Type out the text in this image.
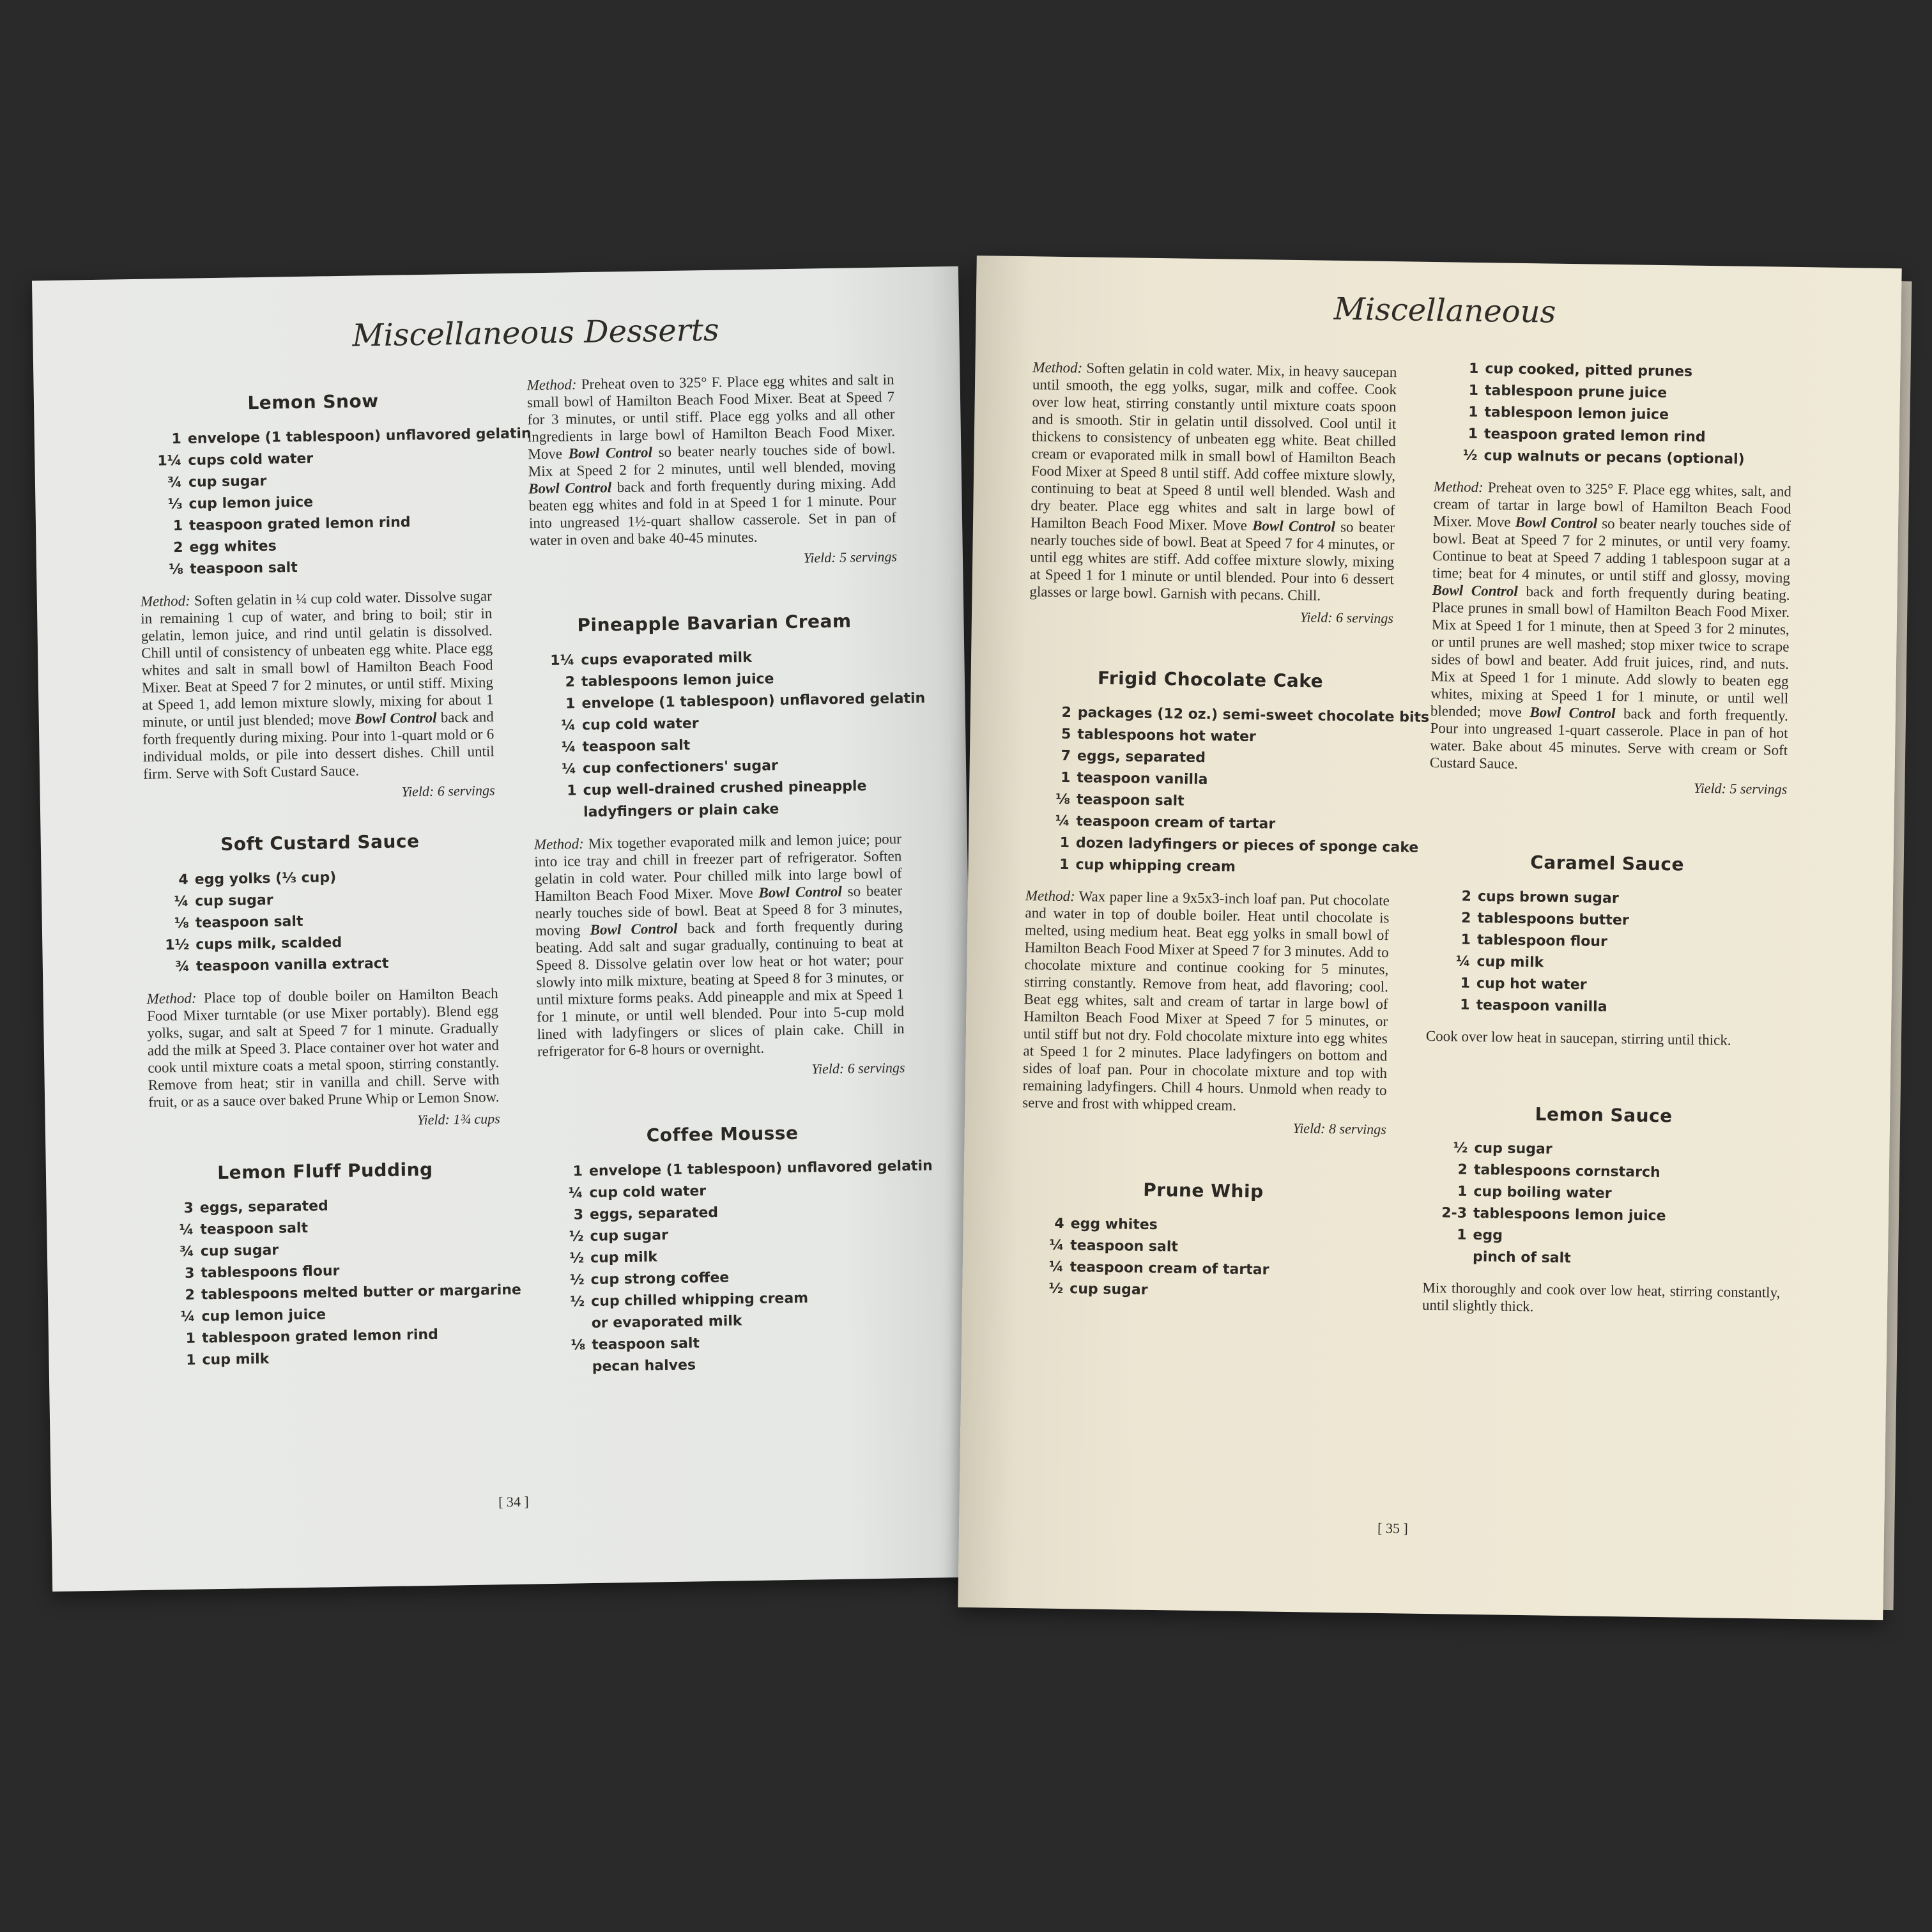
Miscellaneous Desserts
Lemon Snow
1 envelope (1 tablespoon) unflavored gelatin
1¼ cups cold water
¾ cup sugar
⅓ cup lemon juice
1 teaspoon grated lemon rind
2 egg whites
⅛ teaspoon salt

Method: Soften gelatin in ¼ cup cold water. Dissolve sugar in remaining 1 cup of water, and bring to boil; stir in gelatin, lemon juice, and rind until gelatin is dissolved. Chill until of consistency of unbeaten egg white. Place egg whites and salt in small bowl of Hamilton Beach Food Mixer. Beat at Speed 7 for 2 minutes, or until stiff. Mixing at Speed 1, add lemon mixture slowly, mixing for about 1 minute, or until just blended; move Bowl Control back and forth frequently during mixing. Pour into 1-quart mold or 6 individual molds, or pile into dessert dishes. Chill until firm. Serve with Soft Custard Sauce.

Yield: 6 servings

Soft Custard Sauce
4 egg yolks (⅓ cup)
¼ cup sugar
⅛ teaspoon salt
1½ cups milk, scalded
¾ teaspoon vanilla extract

Method: Place top of double boiler on Hamilton Beach Food Mixer turntable (or use Mixer portably). Blend egg yolks, sugar, and salt at Speed 7 for 1 minute. Gradually add the milk at Speed 3. Place container over hot water and cook until mixture coats a metal spoon, stirring constantly. Remove from heat; stir in vanilla and chill. Serve with fruit, or as a sauce over baked Prune Whip or Lemon Snow.

Yield: 1¾ cups

Lemon Fluff Pudding
3 eggs, separated
¼ teaspoon salt
¾ cup sugar
3 tablespoons flour
2 tablespoons melted butter or margarine
¼ cup lemon juice
1 tablespoon grated lemon rind
1 cup milk

Method: Preheat oven to 325° F. Place egg whites and salt in small bowl of Hamilton Beach Food Mixer. Beat at Speed 7 for 3 minutes, or until stiff. Place egg yolks and all other ingredients in large bowl of Hamilton Beach Food Mixer. Move Bowl Control so beater nearly touches side of bowl. Mix at Speed 2 for 2 minutes, until well blended, moving Bowl Control back and forth frequently during mixing. Add beaten egg whites and fold in at Speed 1 for 1 minute. Pour into ungreased 1½-quart shallow casserole. Set in pan of water in oven and bake 40-45 minutes.

Yield: 5 servings

Pineapple Bavarian Cream
1¼ cups evaporated milk
2 tablespoons lemon juice
1 envelope (1 tablespoon) unflavored gelatin
¼ cup cold water
¼ teaspoon salt
¼ cup confectioners' sugar
1 cup well-drained crushed pineapple
ladyfingers or plain cake

Method: Mix together evaporated milk and lemon juice; pour into ice tray and chill in freezer part of refrigerator. Soften gelatin in cold water. Pour chilled milk into large bowl of Hamilton Beach Food Mixer. Move Bowl Control so beater nearly touches side of bowl. Beat at Speed 8 for 3 minutes, moving Bowl Control back and forth frequently during beating. Add salt and sugar gradually, continuing to beat at Speed 8. Dissolve gelatin over low heat or hot water; pour slowly into milk mixture, beating at Speed 8 for 3 minutes, or until mixture forms peaks. Add pineapple and mix at Speed 1 for 1 minute, or until well blended. Pour into 5-cup mold lined with ladyfingers or slices of plain cake. Chill in refrigerator for 6-8 hours or overnight.

Yield: 6 servings

Coffee Mousse
1 envelope (1 tablespoon) unflavored gelatin
¼ cup cold water
3 eggs, separated
½ cup sugar
½ cup milk
½ cup strong coffee
½ cup chilled whipping cream
or evaporated milk
⅛ teaspoon salt
pecan halves
[ 34 ]
Miscellaneous

Method: Soften gelatin in cold water. Mix, in heavy saucepan until smooth, the egg yolks, sugar, milk and coffee. Cook over low heat, stirring constantly until mixture coats spoon and is smooth. Stir in gelatin until dissolved. Cool until it thickens to consistency of unbeaten egg white. Beat chilled cream or evaporated milk in small bowl of Hamilton Beach Food Mixer at Speed 8 until stiff. Add coffee mixture slowly, continuing to beat at Speed 8 until well blended. Wash and dry beater. Place egg whites and salt in large bowl of Hamilton Beach Food Mixer. Move Bowl Control so beater nearly touches side of bowl. Beat at Speed 7 for 4 minutes, or until egg whites are stiff. Add coffee mixture slowly, mixing at Speed 1 for 1 minute or until blended. Pour into 6 dessert glasses or large bowl. Garnish with pecans. Chill.

Yield: 6 servings

Frigid Chocolate Cake
2 packages (12 oz.) semi-sweet chocolate bits
5 tablespoons hot water
7 eggs, separated
1 teaspoon vanilla
⅛ teaspoon salt
¼ teaspoon cream of tartar
1 dozen ladyfingers or pieces of sponge cake
1 cup whipping cream

Method: Wax paper line a 9x5x3-inch loaf pan. Put chocolate and water in top of double boiler. Heat until chocolate is melted, using medium heat. Beat egg yolks in small bowl of Hamilton Beach Food Mixer at Speed 7 for 3 minutes. Add to chocolate mixture and continue cooking for 5 minutes, stirring constantly. Remove from heat, add flavoring; cool. Beat egg whites, salt and cream of tartar in large bowl of Hamilton Beach Food Mixer at Speed 7 for 5 minutes, or until stiff but not dry. Fold chocolate mixture into egg whites at Speed 1 for 2 minutes. Place ladyfingers on bottom and sides of loaf pan. Pour in chocolate mixture and top with remaining ladyfingers. Chill 4 hours. Unmold when ready to serve and frost with whipped cream.

Yield: 8 servings

Prune Whip
4 egg whites
¼ teaspoon salt
¼ teaspoon cream of tartar
½ cup sugar
1 cup cooked, pitted prunes
1 tablespoon prune juice
1 tablespoon lemon juice
1 teaspoon grated lemon rind
½ cup walnuts or pecans (optional)

Method: Preheat oven to 325° F. Place egg whites, salt, and cream of tartar in large bowl of Hamilton Beach Food Mixer. Move Bowl Control so beater nearly touches side of bowl. Beat at Speed 7 for 2 minutes, or until very foamy. Continue to beat at Speed 7 adding 1 tablespoon sugar at a time; beat for 4 minutes, or until stiff and glossy, moving Bowl Control back and forth frequently during beating. Place prunes in small bowl of Hamilton Beach Food Mixer. Mix at Speed 1 for 1 minute, then at Speed 3 for 2 minutes, or until prunes are well mashed; stop mixer twice to scrape sides of bowl and beater. Add fruit juices, rind, and nuts. Mix at Speed 1 for 1 minute. Add slowly to beaten egg whites, mixing at Speed 1 for 1 minute, or until well blended; move Bowl Control back and forth frequently. Pour into ungreased 1-quart casserole. Place in pan of hot water. Bake about 45 minutes. Serve with cream or Soft Custard Sauce.

Yield: 5 servings

Caramel Sauce
2 cups brown sugar
2 tablespoons butter
1 tablespoon flour
¼ cup milk
1 cup hot water
1 teaspoon vanilla

Cook over low heat in saucepan, stirring until thick.

Lemon Sauce
½ cup sugar
2 tablespoons cornstarch
1 cup boiling water
2-3 tablespoons lemon juice
1 egg
pinch of salt

Mix thoroughly and cook over low heat, stirring constantly, until slightly thick.

[ 35 ]
